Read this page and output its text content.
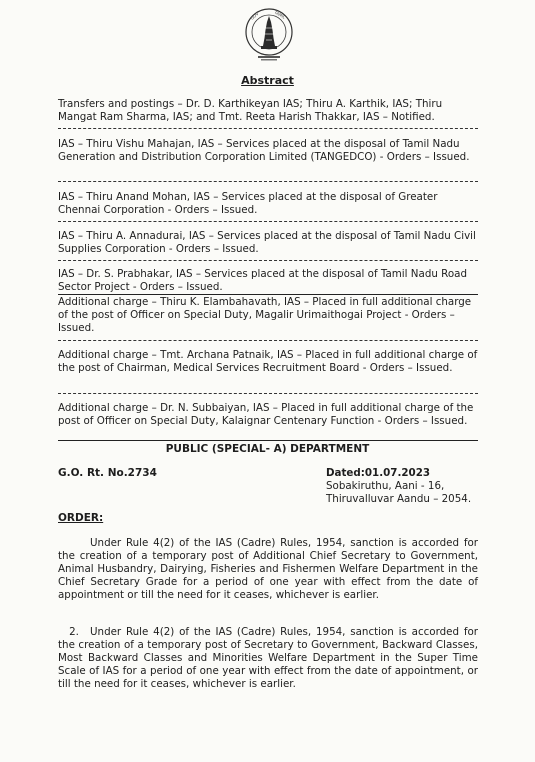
GOV	TAMIL
Abstract
Transfers and postings – Dr. D. Karthikeyan IAS; Thiru A. Karthik, IAS; Thiru Mangat Ram Sharma, IAS; and Tmt. Reeta Harish Thakkar, IAS – Notified.
IAS – Thiru Vishu Mahajan, IAS – Services placed at the disposal of Tamil Nadu Generation and Distribution Corporation Limited (TANGEDCO) - Orders – Issued.
IAS – Thiru Anand Mohan, IAS – Services placed at the disposal of Greater Chennai Corporation - Orders – Issued.
IAS – Thiru A. Annadurai, IAS – Services placed at the disposal of Tamil Nadu Civil Supplies Corporation - Orders – Issued.
IAS – Dr. S. Prabhakar, IAS – Services placed at the disposal of Tamil Nadu Road Sector Project - Orders – Issued.
Additional charge – Thiru K. Elambahavath, IAS – Placed in full additional charge of the post of Officer on Special Duty, Magalir Urimaithogai Project - Orders – Issued.
Additional charge – Tmt. Archana Patnaik, IAS – Placed in full additional charge of the post of Chairman, Medical Services Recruitment Board - Orders – Issued.
Additional charge – Dr. N. Subbaiyan, IAS – Placed in full additional charge of the post of Officer on Special Duty, Kalaignar Centenary Function - Orders – Issued.
PUBLIC (SPECIAL- A) DEPARTMENT
G.O. Rt. No.2734	Dated:01.07.2023
Sobakiruthu, Aani - 16,
Thiruvalluvar Aandu – 2054.
ORDER:
Under Rule 4(2) of the IAS (Cadre) Rules, 1954, sanction is accorded for the creation of a temporary post of Additional Chief Secretary to Government, Animal Husbandry, Dairying, Fisheries and Fishermen Welfare Department in the Chief Secretary Grade for a period of one year with effect from the date of appointment or till the need for it ceases, whichever is earlier.
2. Under Rule 4(2) of the IAS (Cadre) Rules, 1954, sanction is accorded for the creation of a temporary post of Secretary to Government, Backward Classes, Most Backward Classes and Minorities Welfare Department in the Super Time Scale of IAS for a period of one year with effect from the date of appointment, or till the need for it ceases, whichever is earlier.
